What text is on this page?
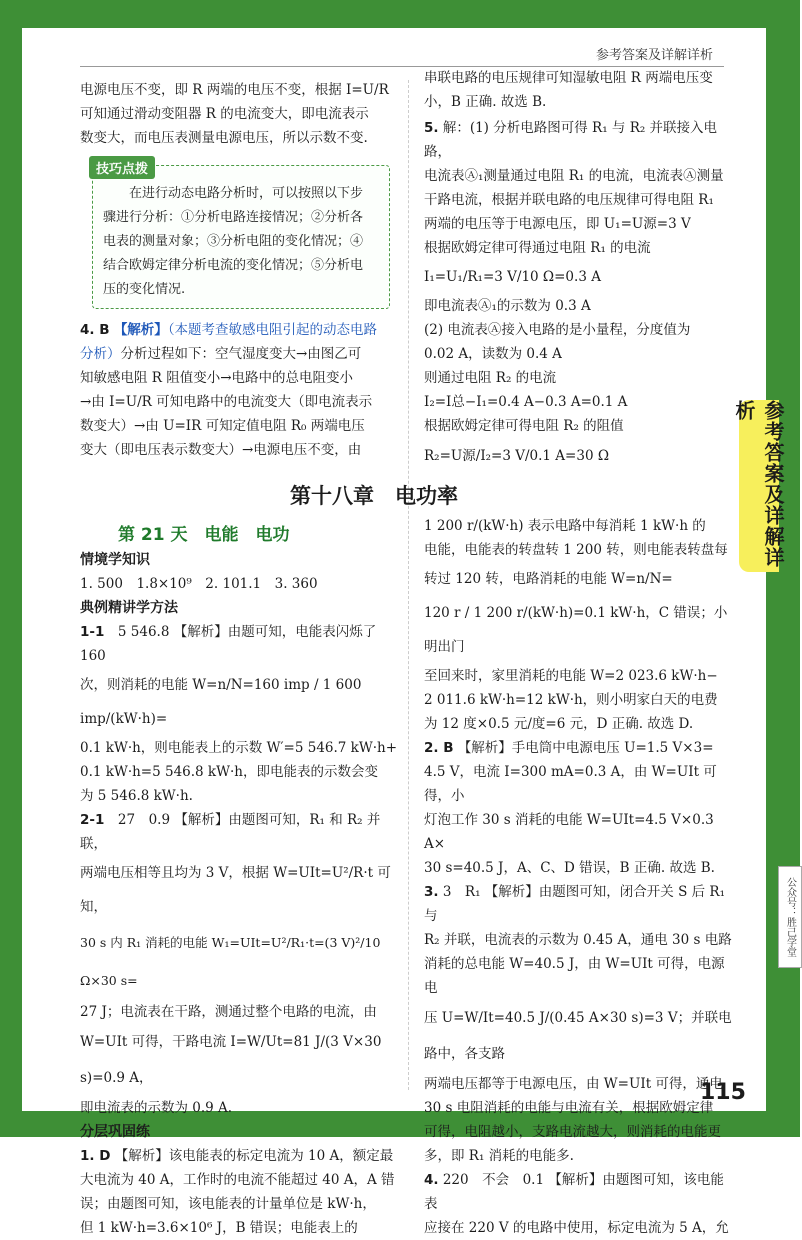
参考答案及详解详析
参考答案及详解详析
公众号：胜己学堂

电源电压不变，即 R 两端的电压不变，根据 I=U/R

可知通过滑动变阻器 R 的电流变大，即电流表示

数变大，而电压表测量电源电压，所以示数不变.

技巧点拨

在进行动态电路分析时，可以按照以下步

骤进行分析：①分析电路连接情况；②分析各

电表的测量对象；③分析电阻的变化情况；④

结合欧姆定律分析电流的变化情况；⑤分析电

压的变化情况.

4. B 【解析】（本题考查敏感电阻引起的动态电路

分析）分析过程如下：空气湿度变大→由图乙可

知敏感电阻 R 阻值变小→电路中的总电阻变小

→由 I=U/R 可知电路中的电流变大（即电流表示

数变大）→由 U=IR 可知定值电阻 R₀ 两端电压

变大（即电压表示数变大）→电源电压不变，由

串联电路的电压规律可知湿敏电阻 R 两端电压变

小，B 正确. 故选 B.

5. 解：(1) 分析电路图可得 R₁ 与 R₂ 并联接入电路，

电流表Ⓐ₁测量通过电阻 R₁ 的电流，电流表Ⓐ测量

干路电流，根据并联电路的电压规律可得电阻 R₁

两端的电压等于电源电压，即 U₁=U源=3 V

根据欧姆定律可得通过电阻 R₁ 的电流

I₁=U₁/R₁=3 V/10 Ω=0.3 A

即电流表Ⓐ₁的示数为 0.3 A

(2) 电流表Ⓐ接入电路的是小量程，分度值为

0.02 A，读数为 0.4 A

则通过电阻 R₂ 的电流

I₂=I总−I₁=0.4 A−0.3 A=0.1 A

根据欧姆定律可得电阻 R₂ 的阻值

R₂=U源/I₂=3 V/0.1 A=30 Ω

第十八章　电功率
第 21 天　电能　电功

情境学知识

1. 500　1.8×10⁹　2. 101.1　3. 360

典例精讲学方法

1-1　 5 546.8 【解析】由题可知，电能表闪烁了 160

次，则消耗的电能 W=n/N=160 imp / 1 600 imp/(kW·h)=

0.1 kW·h，则电能表上的示数 W′=5 546.7 kW·h+

0.1 kW·h=5 546.8 kW·h，即电能表的示数会变

为 5 546.8 kW·h.

2-1　 27　0.9 【解析】由题图可知，R₁ 和 R₂ 并联，

两端电压相等且均为 3 V，根据 W=UIt=U²/R·t 可知，

30 s 内 R₁ 消耗的电能 W₁=UIt=U²/R₁·t=(3 V)²/10 Ω×30 s=

27 J；电流表在干路，测通过整个电路的电流，由

W=UIt 可得，干路电流 I=W/Ut=81 J/(3 V×30 s)=0.9 A，

即电流表的示数为 0.9 A.

分层巩固练

1. D 【解析】该电能表的标定电流为 10 A，额定最

大电流为 40 A，工作时的电流不能超过 40 A，A 错

误；由题图可知，该电能表的计量单位是 kW·h，

但 1 kW·h=3.6×10⁶ J，B 错误；电能表上的

1 200 r/(kW·h) 表示电路中每消耗 1 kW·h 的

电能，电能表的转盘转 1 200 转，则电能表转盘每

转过 120 转，电路消耗的电能 W=n/N=

120 r / 1 200 r/(kW·h)=0.1 kW·h，C 错误；小明出门

至回来时，家里消耗的电能 W=2 023.6 kW·h−

2 011.6 kW·h=12 kW·h，则小明家白天的电费

为 12 度×0.5 元/度=6 元，D 正确. 故选 D.

2. B 【解析】手电筒中电源电压 U=1.5 V×3=

4.5 V，电流 I=300 mA=0.3 A，由 W=UIt 可得，小

灯泡工作 30 s 消耗的电能 W=UIt=4.5 V×0.3 A×

30 s=40.5 J，A、C、D 错误，B 正确. 故选 B.

3. 3　R₁ 【解析】由题图可知，闭合开关 S 后 R₁ 与

R₂ 并联，电流表的示数为 0.45 A，通电 30 s 电路

消耗的总电能 W=40.5 J，由 W=UIt 可得，电源电

压 U=W/It=40.5 J/(0.45 A×30 s)=3 V；并联电路中，各支路

两端电压都等于电源电压，由 W=UIt 可得，通电

30 s 电阻消耗的电能与电流有关，根据欧姆定律

可得，电阻越小，支路电流越大，则消耗的电能更

多，即 R₁ 消耗的电能多.

4. 220　不会　0.1 【解析】由题图可知，该电能表

应接在 220 V 的电路中使用，标定电流为 5 A，允

115
